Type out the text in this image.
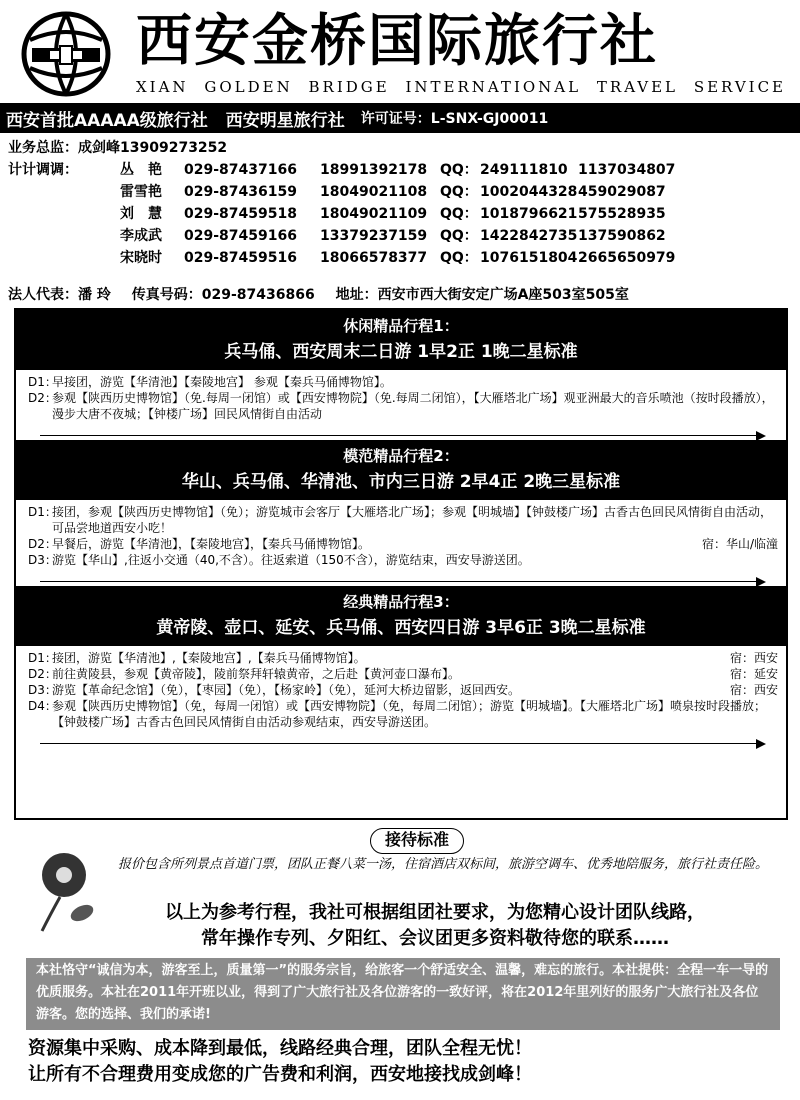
西安金桥国际旅行社
XIAN GOLDEN BRIDGE INTERNATIONAL TRAVEL SERVICE
西安首批AAAAA级旅行社 西安明星旅行社 许可证号：L-SNX-GJ00011
业务总监：成剑峰13909273252
计计调调：	丛　艳	029-87437166	18991392178 QQ： 249111810 1137034807
雷雪艳	029-87436159	18049021108 QQ： 1002044328 459029087
刘　慧	029-87459518	18049021109 QQ： 1018796621 575528935
李成武	029-87459166	13379237159 QQ： 1422842735 137590862
宋晓时	029-87459516	18066578377 QQ： 1076151804 2665650979
法人代表：潘 玲 传真号码：029-87436866 地址：西安市西大街安定广场A座503室505室
休闲精品行程1：
兵马俑、西安周末二日游 1早2正 1晚二星标准
D1：
早接团，游览【华清池】【秦陵地宫】 参观【秦兵马俑博物馆】。
D2：
参观【陕西历史博物馆】（免.每周一闭馆）或【西安博物院】（免.每周二闭馆），【大雁塔北广场】观亚洲最大的音乐喷池（按时段播放），漫步大唐不夜城；【钟楼广场】回民风情街自由活动
模范精品行程2：
华山、兵马俑、华清池、市内三日游 2早4正 2晚三星标准
D1：
接团，参观【陕西历史博物馆】（免）；游览城市会客厅【大雁塔北广场】；参观【明城墙】【钟鼓楼广场】古香古色回民风情街自由活动，可品尝地道西安小吃！
D2：
早餐后，游览【华清池】，【秦陵地宫】，【秦兵马俑博物馆】。	宿：华山/临潼
D3：
游览【华山】,往返小交通（40,不含）。往返索道（150不含），游览结束，西安导游送团。
经典精品行程3：
黄帝陵、壶口、延安、兵马俑、西安四日游 3早6正 3晚二星标准
D1：
接团，游览【华清池】,【秦陵地宫】,【秦兵马俑博物馆】。	宿：西安
D2：
前往黄陵县，参观【黄帝陵】，陵前祭拜轩辕黄帝，之后赴【黄河壶口瀑布】。	宿：延安
D3：
游览【革命纪念馆】（免），【枣园】（免），【杨家岭】（免），延河大桥边留影，返回西安。	宿：西安
D4：
参观【陕西历史博物馆】（免，每周一闭馆）或【西安博物院】（免，每周二闭馆）；游览【明城墙】。【大雁塔北广场】喷泉按时段播放；【钟鼓楼广场】古香古色回民风情街自由活动参观结束，西安导游送团。
接待标准

报价包含所列景点首道门票，团队正餐八菜一汤，住宿酒店双标间，旅游空调车、优秀地陪服务，旅行社责任险。

以上为参考行程，我社可根据组团社要求，为您精心设计团队线路，
常年操作专列、夕阳红、会议团更多资料敬待您的联系……
本社恪守“诚信为本，游客至上，质量第一”的服务宗旨，给旅客一个舒适安全、温馨，难忘的旅行。本社提供：全程一车一导的优质服务。本社在2011年开班以业，得到了广大旅行社及各位游客的一致好评，将在2012年里列好的服务广大旅行社及各位游客。您的选择、我们的承诺!
资源集中采购、成本降到最低，线路经典合理，团队全程无忧！
让所有不合理费用变成您的广告费和利润，西安地接找成剑峰！
